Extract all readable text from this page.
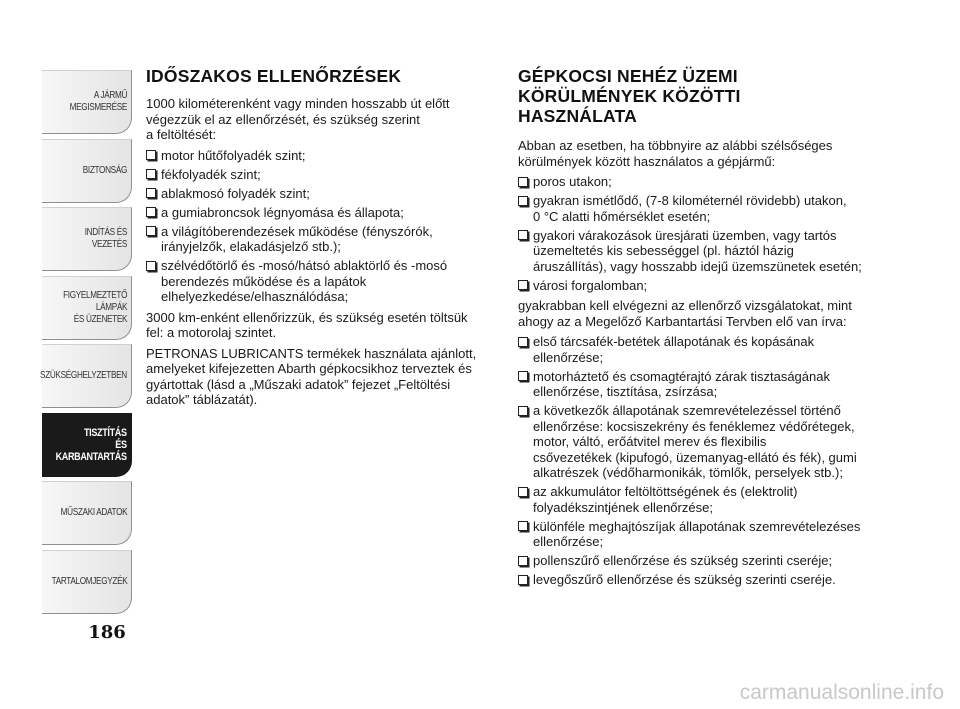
A JÁRMŰ
MEGISMERÉSE
BIZTONSÁG
INDÍTÁS ÉS VEZETÉS
FIGYELMEZTETŐ
LÁMPÁK
ÉS ÜZENETEK
SZÜKSÉGHELYZETBEN
TISZTÍTÁS
ÉS KARBANTARTÁS
MŰSZAKI ADATOK
TARTALOMJEGYZÉK
186
IDŐSZAKOS ELLENŐRZÉSEK

1000 kilométerenként vagy minden hosszabb út előtt
végezzük el az ellenőrzését, és szükség szerint
a feltöltését:

motor hűtőfolyadék szint;
fékfolyadék szint;
ablakmosó folyadék szint;
a gumiabroncsok légnyomása és állapota;
a világítóberendezések működése (fényszórók,
irányjelzők, elakadásjelző stb.);
szélvédőtörlő és -mosó/hátsó ablaktörlő és -mosó
berendezés működése és a lapátok
elhelyezkedése/elhasználódása;

3000 km-enként ellenőrizzük, és szükség esetén töltsük
fel: a motorolaj szintet.

PETRONAS LUBRICANTS termékek használata ajánlott,
amelyeket kifejezetten Abarth gépkocsikhoz terveztek és
gyártottak (lásd a „Műszaki adatok” fejezet „Feltöltési
adatok” táblázatát).

GÉPKOCSI NEHÉZ ÜZEMI
KÖRÜLMÉNYEK KÖZÖTTI
HASZNÁLATA

Abban az esetben, ha többnyire az alábbi szélsőséges
körülmények között használatos a gépjármű:

poros utakon;
gyakran ismétlődő, (7-8 kilométernél rövidebb) utakon,
0 °C alatti hőmérséklet esetén;
gyakori várakozások üresjárati üzemben, vagy tartós
üzemeltetés kis sebességgel (pl. háztól házig
áruszállítás), vagy hosszabb idejű üzemszünetek esetén;
városi forgalomban;

gyakrabban kell elvégezni az ellenőrző vizsgálatokat, mint
ahogy az a Megelőző Karbantartási Tervben elő van írva:

első tárcsafék-betétek állapotának és kopásának
ellenőrzése;
motorháztető és csomagtérajtó zárak tisztaságának
ellenőrzése, tisztítása, zsírzása;
a következők állapotának szemrevételezéssel történő
ellenőrzése: kocsiszekrény és fenéklemez védőrétegek,
motor, váltó, erőátvitel merev és flexibilis
csővezetékek (kipufogó, üzemanyag-ellátó és fék), gumi
alkatrészek (védőharmonikák, tömlők, perselyek stb.);
az akkumulátor feltöltöttségének és (elektrolit)
folyadékszintjének ellenőrzése;
különféle meghajtószíjak állapotának szemrevételezéses
ellenőrzése;
pollenszűrő ellenőrzése és szükség szerinti cseréje;
levegőszűrő ellenőrzése és szükség szerinti cseréje.
carmanualsonline.info
